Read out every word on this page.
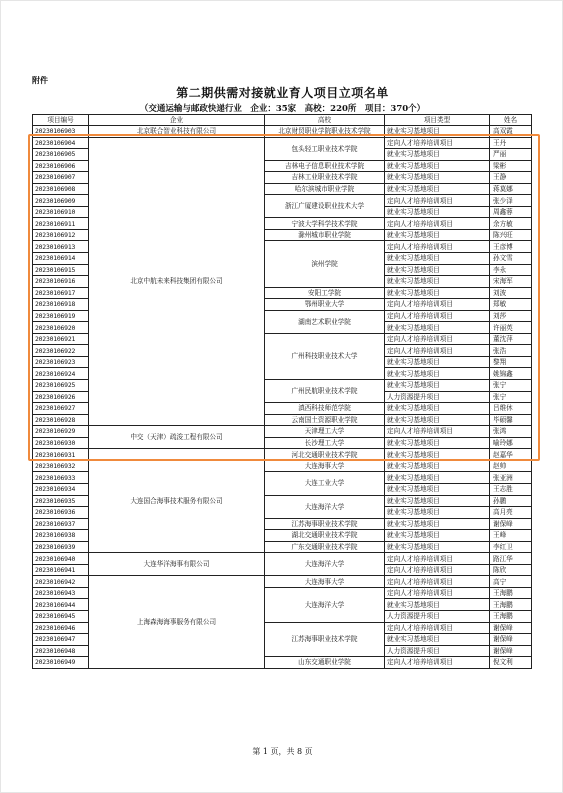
附件
第二期供需对接就业育人项目立项名单
（交通运输与邮政快递行业　企业：35家　高校：220所　项目：370个）
项目编号	企业	高校	项目类型	姓名
20230106903	北京联合智业科技有限公司	北京财贸职业学院职业技术学院	就业实习基地项目	高双霞
20230106904	北京中航未来科技集团有限公司	包头轻工职业技术学院	定向人才培养培训项目	王丹
20230106905			就业实习基地项目	严丽
20230106906		吉林电子信息职业技术学院	就业实习基地项目	梁彬
20230106907		吉林工业职业技术学院	就业实习基地项目	王静
20230106908		哈尔滨城市职业学院	就业实习基地项目	蒋莫娜
20230106909		浙江广厦建设职业技术大学	定向人才培养培训项目	张少泽
20230106910			就业实习基地项目	周鑫蓉
20230106911		宁波大学科学技术学院	定向人才培养培训项目	余方敏
20230106912		滁州城市职业学院	就业实习基地项目	陈兴旺
20230106913		滨州学院	定向人才培养培训项目	王彦博
20230106914			就业实习基地项目	孙文雪
20230106915			就业实习基地项目	李永
20230106916			就业实习基地项目	宋海军
20230106917		安阳工学院	就业实习基地项目	刘波
20230106918		鄂州职业大学	定向人才培养培训项目	郑敏
20230106919		湖南艺术职业学院	定向人才培养培训项目	刘莎
20230106920			就业实习基地项目	许丽英
20230106921		广州科技职业技术大学	定向人才培养培训项目	董沈萍
20230106922			定向人才培养培训项目	张浩
20230106923			就业实习基地项目	黎翔
20230106924			就业实习基地项目	姚锦鑫
20230106925		广州民航职业技术学院	就业实习基地项目	张宁
20230106926			人力资源提升项目	张宁
20230106927		滇西科技师范学院	就业实习基地项目	吕维休
20230106928		云南国土资源职业学院	就业实习基地项目	毕硕馨
20230106929	中交（天津）疏浚工程有限公司	天津理工大学	定向人才培养培训项目	张鸿
20230106930		长沙理工大学	就业实习基地项目	喻玲娜
20230106931	大连国合海事技术服务有限公司	河北交通职业技术学院	就业实习基地项目	赵嘉华
20230106932		大连海事大学	就业实习基地项目	赵帅
20230106933		大连工业大学	就业实习基地项目	张亚洲
20230106934			就业实习基地项目	王志胜
20230106935		大连海洋大学	就业实习基地项目	孙鹏
20230106936			就业实习基地项目	高月亮
20230106937		江苏海事职业技术学院	就业实习基地项目	谢保峰
20230106938		湖北交通职业技术学院	就业实习基地项目	王峰
20230106939		广东交通职业技术学院	就业实习基地项目	李红卫
20230106940	大连华洋海事有限公司	大连海洋大学	定向人才培养培训项目	路江华
20230106941			定向人才培养培训项目	陈欣
20230106942	上海森海海事服务有限公司	大连海事大学	定向人才培养培训项目	高宁
20230106943		大连海洋大学	定向人才培养培训项目	王海鹏
20230106944			就业实习基地项目	王海鹏
20230106945			人力资源提升项目	王海鹏
20230106946		江苏海事职业技术学院	定向人才培养培训项目	谢保峰
20230106947			就业实习基地项目	谢保峰
20230106948			人力资源提升项目	谢保峰
20230106949		山东交通职业学院	定向人才培养培训项目	倪文利
第 1 页，共 8 页
